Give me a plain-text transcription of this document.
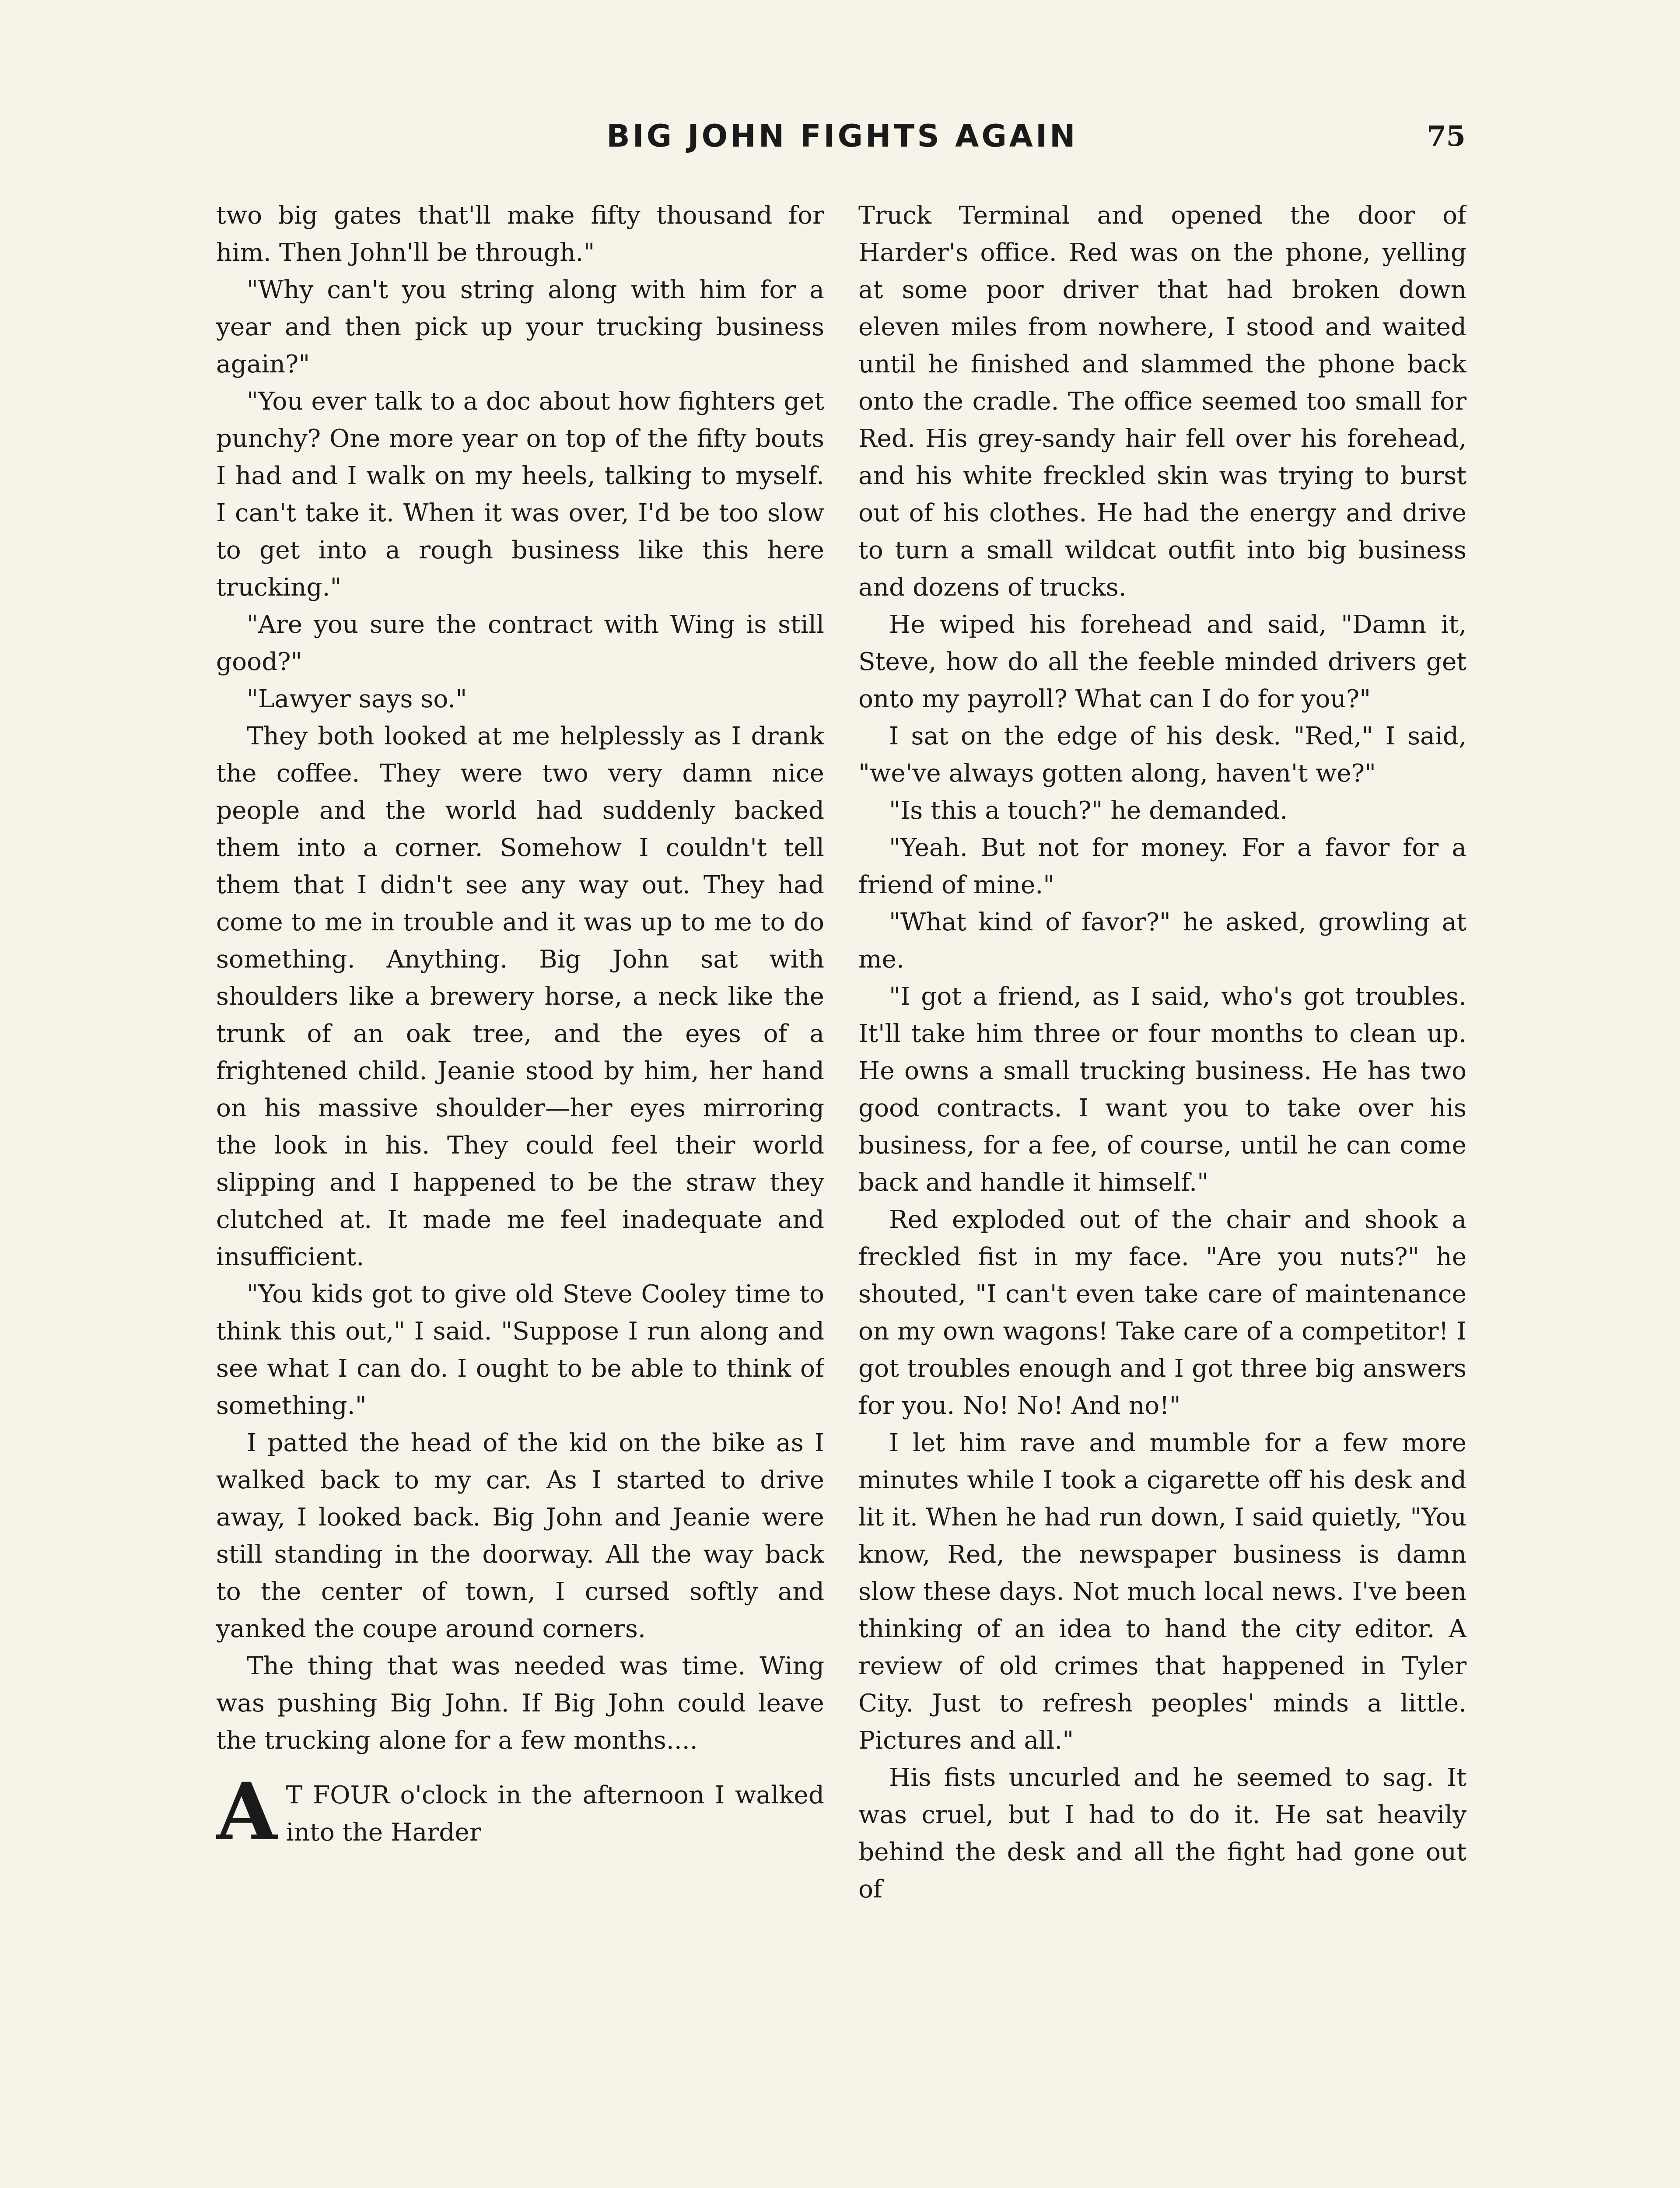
BIG JOHN FIGHTS AGAIN	75

two big gates that'll make fifty thousand for him. Then John'll be through."

"Why can't you string along with him for a year and then pick up your trucking business again?"

"You ever talk to a doc about how fighters get punchy? One more year on top of the fifty bouts I had and I walk on my heels, talking to myself. I can't take it. When it was over, I'd be too slow to get into a rough business like this here trucking."

"Are you sure the contract with Wing is still good?"

"Lawyer says so."

They both looked at me helplessly as I drank the coffee. They were two very damn nice people and the world had suddenly backed them into a corner. Somehow I couldn't tell them that I didn't see any way out. They had come to me in trouble and it was up to me to do something. Anything. Big John sat with shoulders like a brewery horse, a neck like the trunk of an oak tree, and the eyes of a frightened child. Jeanie stood by him, her hand on his massive shoulder—her eyes mirroring the look in his. They could feel their world slipping and I happened to be the straw they clutched at. It made me feel inadequate and insufficient.

"You kids got to give old Steve Cooley time to think this out," I said. "Suppose I run along and see what I can do. I ought to be able to think of something."

I patted the head of the kid on the bike as I walked back to my car. As I started to drive away, I looked back. Big John and Jeanie were still standing in the doorway. All the way back to the center of town, I cursed softly and yanked the coupe around corners.

The thing that was needed was time. Wing was pushing Big John. If Big John could leave the trucking alone for a few months....

A T FOUR o'clock in the afternoon I walked into the Harder

Truck Terminal and opened the door of Harder's office. Red was on the phone, yelling at some poor driver that had broken down eleven miles from nowhere, I stood and waited until he finished and slammed the phone back onto the cradle. The office seemed too small for Red. His grey-sandy hair fell over his forehead, and his white freckled skin was trying to burst out of his clothes. He had the energy and drive to turn a small wildcat outfit into big business and dozens of trucks.

He wiped his forehead and said, "Damn it, Steve, how do all the feeble minded drivers get onto my payroll? What can I do for you?"

I sat on the edge of his desk. "Red," I said, "we've always gotten along, haven't we?"

"Is this a touch?" he demanded.

"Yeah. But not for money. For a favor for a friend of mine."

"What kind of favor?" he asked, growling at me.

"I got a friend, as I said, who's got troubles. It'll take him three or four months to clean up. He owns a small trucking business. He has two good contracts. I want you to take over his business, for a fee, of course, until he can come back and handle it himself."

Red exploded out of the chair and shook a freckled fist in my face. "Are you nuts?" he shouted, "I can't even take care of maintenance on my own wagons! Take care of a competitor! I got troubles enough and I got three big answers for you. No! No! And no!"

I let him rave and mumble for a few more minutes while I took a cigarette off his desk and lit it. When he had run down, I said quietly, "You know, Red, the newspaper business is damn slow these days. Not much local news. I've been thinking of an idea to hand the city editor. A review of old crimes that happened in Tyler City. Just to refresh peoples' minds a little. Pictures and all."

His fists uncurled and he seemed to sag. It was cruel, but I had to do it. He sat heavily behind the desk and all the fight had gone out of
